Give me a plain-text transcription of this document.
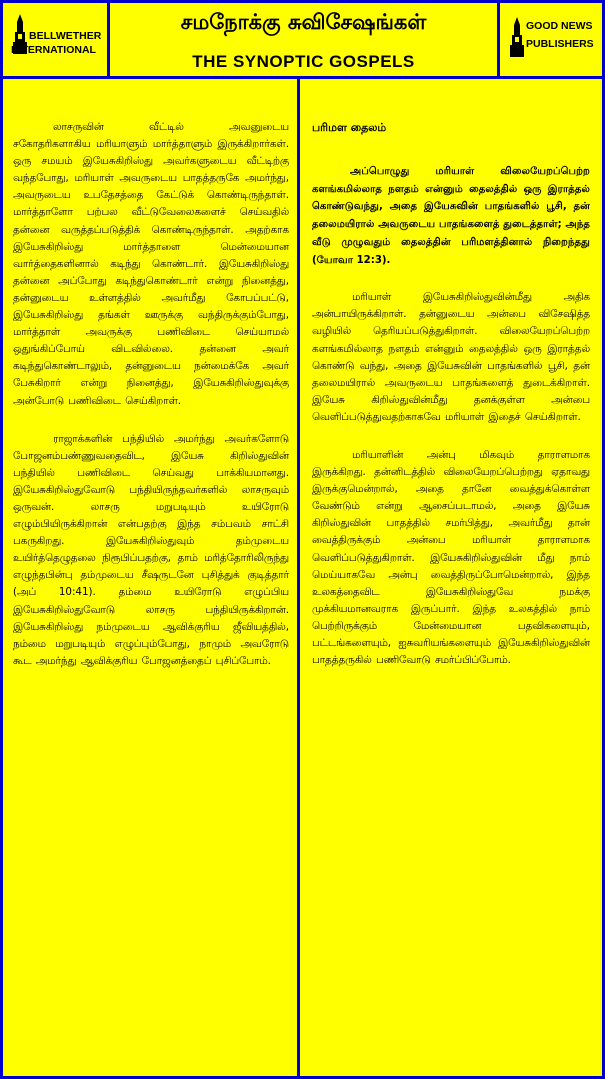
BELLWETHER
INTERNATIONAL
சமநோக்கு சுவிசேஷங்கள்
THE SYNOPTIC GOSPELS
GOOD NEWS
PUBLISHERS

லாசருவின் வீட்டில் அவனுடைய சகோதரிகளாகிய மரியாளும் மார்த்தாளும் இருக்கிறார்கள். ஒரு சமயம் இயேசுகிறிஸ்து அவர்களுடைய வீட்டிற்கு வந்தபோது, மரியாள் அவருடைய பாதத்தருகே அமர்ந்து, அவருடைய உபதேசத்தை கேட்டுக் கொண்டிருந்தாள். மார்த்தாளோ பற்பல வீட்டுவேலைகளைச் செய்வதில் தன்னை வருத்தப்படுத்திக் கொண்டிருந்தாள். அதற்காக இயேசுகிறிஸ்து மார்த்தாளை மென்மையான வார்த்தைகளினால் கடிந்து கொண்டார். இயேசுகிறிஸ்து தன்னை அப்போது கடிந்துகொண்டார் என்று நினைத்து, தன்னுடைய உள்ளத்தில் அவர்மீது கோபப்பட்டு, இயேசுகிறிஸ்து தங்கள் ஊருக்கு வந்திருக்கும்போது, மார்த்தாள் அவருக்கு பணிவிடை செய்யாமல் ஒதுங்கிப்போய் விடவில்லை. தன்னை அவர் கடிந்துகொண்டாலும், தன்னுடைய நன்மைக்கே அவர் பேசுகிறார் என்று நினைத்து, இயேசுகிறிஸ்துவுக்கு அன்போடு பணிவிடை செய்கிறாள்.

ராஜாக்களின் பந்தியில் அமர்ந்து அவர்களோடு போஜனம்பண்ணுவதைவிட, இயேசு கிறிஸ்துவின் பந்தியில் பணிவிடை செய்வது பாக்கியமானது. இயேசுகிறிஸ்துவோடு பந்தியிருந்தவர்களில் லாசருவும் ஒருவன். லாசரு மறுபடியும் உயிரோடு எழும்பியிருக்கிறான் என்பதற்கு இந்த சம்பவம் சாட்சி பகருகிறது. இயேசுகிறிஸ்துவும் தம்முடைய உயிர்த்தெழுதலை நிரூபிப்பதற்கு, தாம் மரித்தோரிலிருந்து எழுந்தபின்பு தம்முடைய சீஷருடனே புசித்துக் குடித்தார் (அப் 10:41). தம்மை உயிரோடு எழுப்பிய இயேசுகிறிஸ்துவோடு லாசரு பந்தியிருக்கிறான். இயேசுகிறிஸ்து நம்முடைய ஆவிக்குரிய ஜீவியத்தில், நம்மை மறுபடியும் எழுப்பும்போது, நாமும் அவரோடு கூட அமர்ந்து ஆவிக்குரிய போஜனத்தைப் புசிப்போம்.

பரிமள தைலம்

அப்பொழுது மரியாள் விலையேறப்பெற்ற களங்கமில்லாத நளதம் என்னும் தைலத்தில் ஒரு இராத்தல் கொண்டுவந்து, அதை இயேசுவின் பாதங்களில் பூசி, தன் தலைமயிரால் அவருடைய பாதங்களைத் துடைத்தாள்; அந்த வீடு முழுவதும் தைலத்தின் பரிமளத்தினால் நிறைந்தது (யோவா 12:3).

மரியாள் இயேசுகிறிஸ்துவின்மீது அதிக அன்பாயிருக்கிறாள். தன்னுடைய அன்பை விசேஷித்த வழியில் தெரியப்படுத்துகிறாள். விலையேறப்பெற்ற களங்கமில்லாத நளதம் என்னும் தைலத்தில் ஒரு இராத்தல் கொண்டு வந்து, அதை இயேசுவின் பாதங்களில் பூசி, தன் தலைமயிரால் அவருடைய பாதங்களைத் துடைக்கிறாள். இயேசு கிறிஸ்துவின்மீது தனக்குள்ள அன்பை வெளிப்படுத்துவதற்காகவே மரியாள் இதைச் செய்கிறாள்.

மரியாளின் அன்பு மிகவும் தாராளமாக இருக்கிறது. தன்னிடத்தில் விலையேறப்பெற்றது ஏதாவது இருக்குமென்றால், அதை தானே வைத்துக்கொள்ள வேண்டும் என்று ஆசைப்படாமல், அதை இயேசு கிறிஸ்துவின் பாதத்தில் சமர்பித்து, அவர்மீது தான் வைத்திருக்கும் அன்பை மரியாள் தாராளமாக வெளிப்படுத்துகிறாள். இயேசுகிறிஸ்துவின் மீது நாம் மெய்யாகவே அன்பு வைத்திருப்போமென்றால், இந்த உலகத்தைவிட இயேசுகிறிஸ்துவே நமக்கு முக்கியமானவராக இருப்பார். இந்த உலகத்தில் நாம் பெற்றிருக்கும் மேன்மையான பதவிகளையும், பட்டங்களையும், ஐசுவரியங்களையும் இயேசுகிறிஸ்துவின் பாதத்தருகில் பணிவோடு சமர்ப்பிப்போம்.
